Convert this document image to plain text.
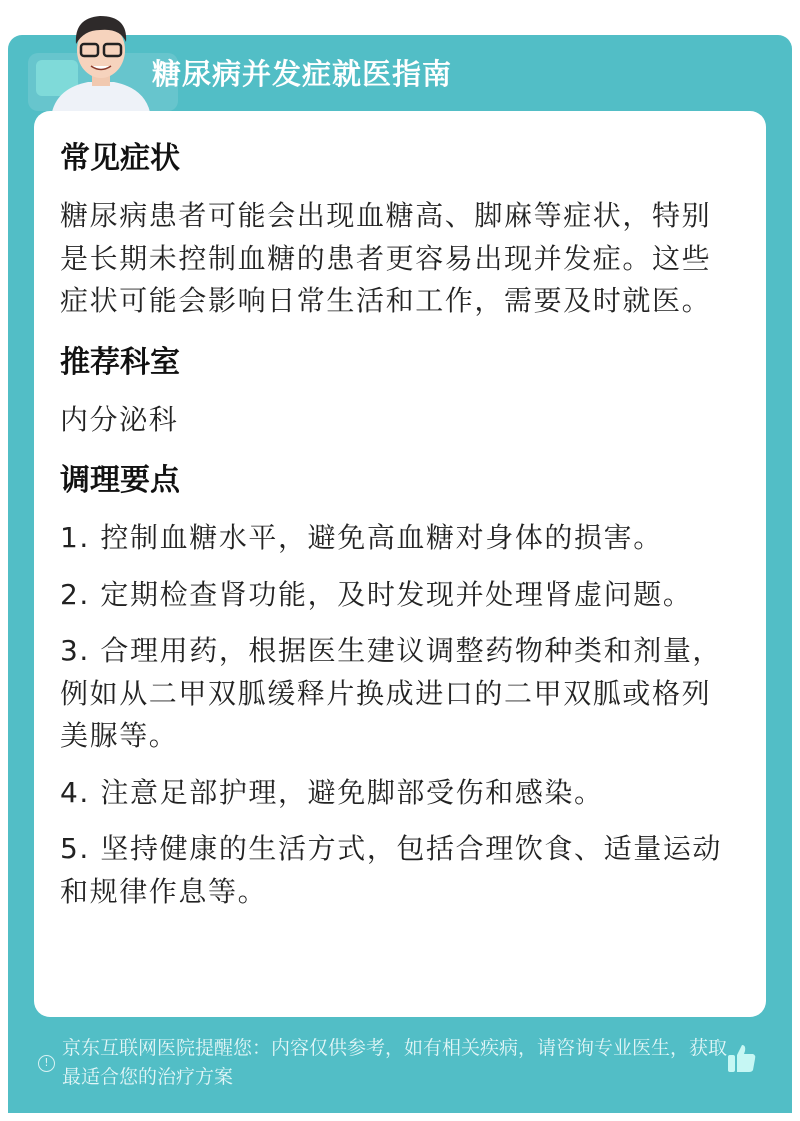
糖尿病并发症就医指南
常见症状

糖尿病患者可能会出现血糖高、脚麻等症状，特别是长期未控制血糖的患者更容易出现并发症。这些症状可能会影响日常生活和工作，需要及时就医。

推荐科室

内分泌科

调理要点

1. 控制血糖水平，避免高血糖对身体的损害。

2. 定期检查肾功能，及时发现并处理肾虚问题。

3. 合理用药，根据医生建议调整药物种类和剂量，例如从二甲双胍缓释片换成进口的二甲双胍或格列美脲等。

4. 注意足部护理，避免脚部受伤和感染。

5. 坚持健康的生活方式，包括合理饮食、适量运动和规律作息等。

!
京东互联网医院提醒您：内容仅供参考，如有相关疾病，请咨询专业医生，获取最适合您的治疗方案
